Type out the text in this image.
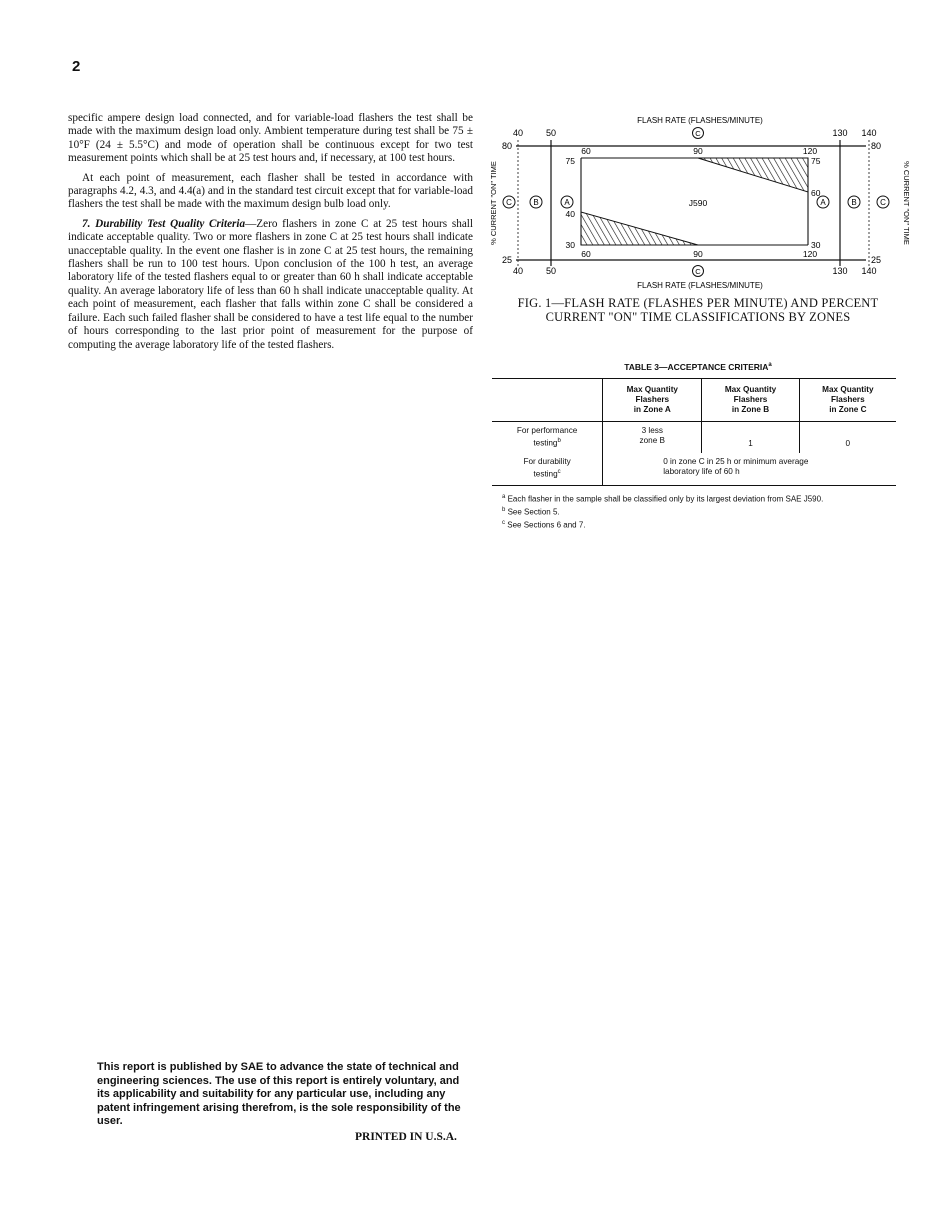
2

specific ampere design load connected, and for variable-load flashers the test shall be made with the maximum design load only. Ambient temperature during test shall be 75 ± 10°F (24 ± 5.5°C) and mode of operation shall be continuous except for two test measurement points which shall be at 25 test hours and, if necessary, at 100 test hours.

At each point of measurement, each flasher shall be tested in accordance with paragraphs 4.2, 4.3, and 4.4(a) and in the standard test circuit except that for variable-load flashers the test shall be made with the maximum design bulb load only.

7. Durability Test Quality Criteria—Zero flashers in zone C at 25 test hours shall indicate acceptable quality. Two or more flashers in zone C at 25 test hours shall indicate unacceptable quality. In the event one flasher is in zone C at 25 test hours, the remaining flashers shall be run to 100 test hours. Upon conclusion of the 100 h test, an average laboratory life of the tested flashers equal to or greater than 60 h shall indicate acceptable quality. An average laboratory life of less than 60 h shall indicate unacceptable quality. At each point of measurement, each flasher that falls within zone C shall be considered a failure. Each such failed flasher shall be considered to have a test life equal to the number of hours corresponding to the last prior point of measurement for the purpose of computing the average laboratory life of the tested flashers.

FLASH RATE (FLASHES/MINUTE)
40	50	130 140
C
60	90	120
60	90	120
80
75
40
30
25
80
75
60
30
25
J590
C	B	A	A	B	C
% CURRENT "ON" TIME	% CURRENT "ON" TIME
40	50	130 140
C
FLASH RATE (FLASHES/MINUTE)
FIG. 1—FLASH RATE (FLASHES PER MINUTE) AND PERCENT CURRENT "ON" TIME CLASSIFICATIONS BY ZONES
TABLE 3—ACCEPTANCE CRITERIA$^a$

	Max Quantity
Flashers
in Zone A	Max Quantity
Flashers
in Zone B	Max Quantity
Flashers
in Zone C

For performance
testing$^b$	3 less
zone B	1	0

For durability
testing$^c$	0 in zone C in 25 h or minimum average
laboratory life of 60 h		
$^a$ Each flasher in the sample shall be classified only by its largest deviation from SAE J590.
$^b$ See Section 5.
$^c$ See Sections 6 and 7.
This report is published by SAE to advance the state of technical and engineering sciences. The use of this report is entirely voluntary, and its applicability and suitability for any particular use, including any patent infringement arising therefrom, is the sole responsibility of the user.
PRINTED IN U.S.A.
